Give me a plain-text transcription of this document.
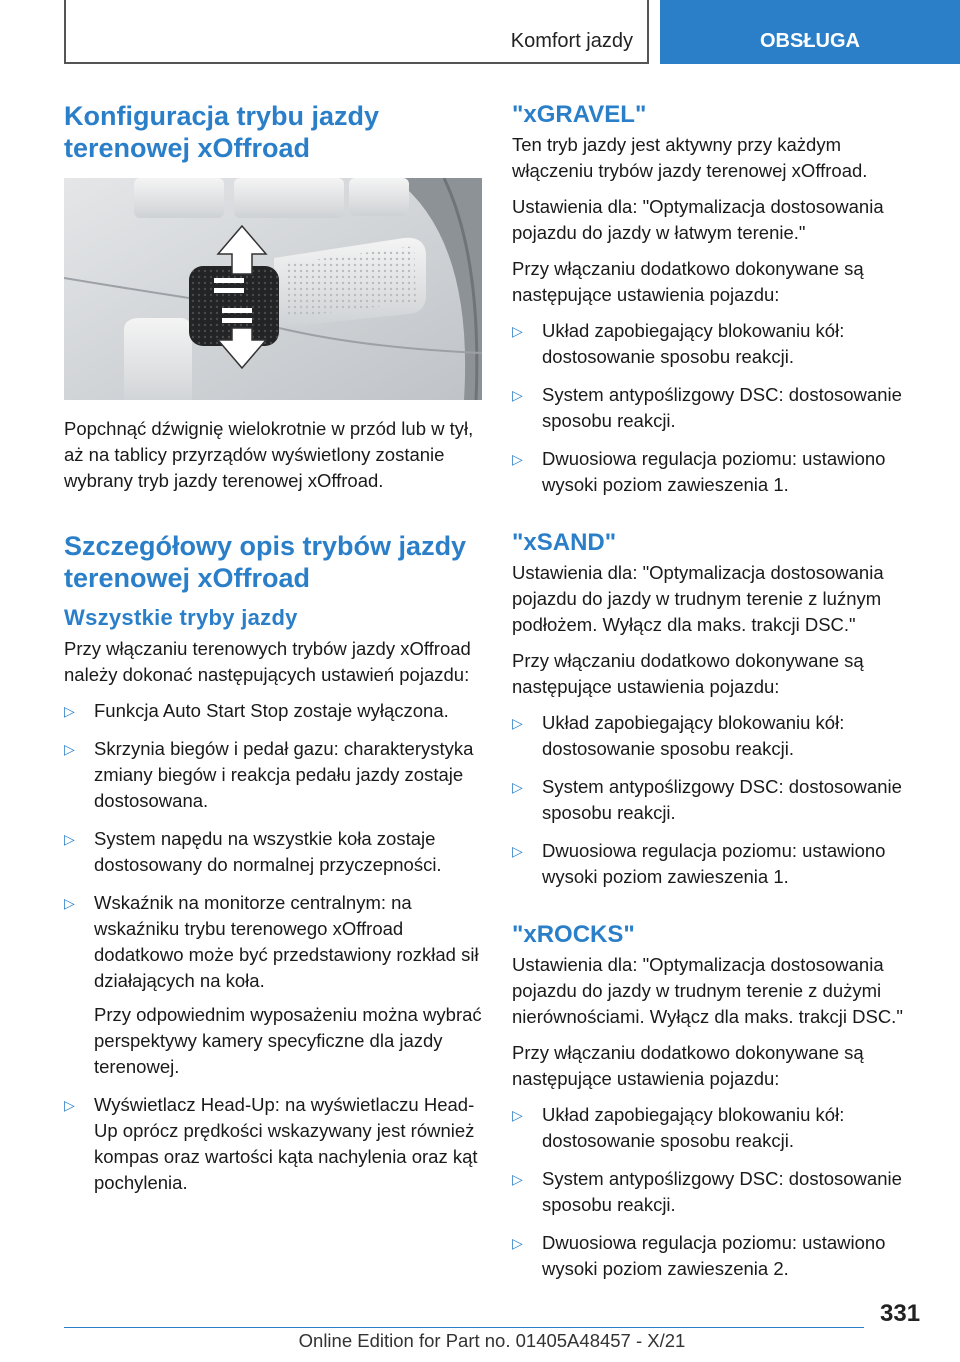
Komfort jazdy	OBSŁUGA
Konfiguracja trybu jazdy terenowej xOffroad

Popchnąć dźwignię wielokrotnie w przód lub w tył, aż na tablicy przyrządów wyświetlony zostanie wybrany tryb jazdy terenowej xOffroad.

Szczegółowy opis trybów jazdy terenowej xOffroad
Wszystkie tryby jazdy

Przy włączaniu terenowych trybów jazdy xOffroad należy dokonać następujących ustawień pojazdu:

▷ Funkcja Auto Start Stop zostaje wyłączona.
▷ Skrzynia biegów i pedał gazu: charakterystyka zmiany biegów i reakcja pedału jazdy zostaje dostosowana.
▷ System napędu na wszystkie koła zostaje dostosowany do normalnej przyczepności.
▷ Wskaźnik na monitorze centralnym: na wskaźniku trybu terenowego xOffroad dodatkowo może być przedstawiony rozkład sił działających na koła.
Przy odpowiednim wyposażeniu można wybrać perspektywy kamery specyficzne dla jazdy terenowej.
▷ Wyświetlacz Head-Up: na wyświetlaczu Head-Up oprócz prędkości wskazywany jest również kompas oraz wartości kąta nachylenia oraz kąt pochylenia.
"xGRAVEL"

Ten tryb jazdy jest aktywny przy każdym włączeniu trybów jazdy terenowej xOffroad.

Ustawienia dla: "Optymalizacja dostosowania pojazdu do jazdy w łatwym terenie."

Przy włączaniu dodatkowo dokonywane są następujące ustawienia pojazdu:

▷ Układ zapobiegający blokowaniu kół: dostosowanie sposobu reakcji.
▷ System antypoślizgowy DSC: dostosowanie sposobu reakcji.
▷ Dwuosiowa regulacja poziomu: ustawiono wysoki poziom zawieszenia 1.
"xSAND"

Ustawienia dla: "Optymalizacja dostosowania pojazdu do jazdy w trudnym terenie z luźnym podłożem. Wyłącz dla maks. trakcji DSC."

Przy włączaniu dodatkowo dokonywane są następujące ustawienia pojazdu:

▷ Układ zapobiegający blokowaniu kół: dostosowanie sposobu reakcji.
▷ System antypoślizgowy DSC: dostosowanie sposobu reakcji.
▷ Dwuosiowa regulacja poziomu: ustawiono wysoki poziom zawieszenia 1.
"xROCKS"

Ustawienia dla: "Optymalizacja dostosowania pojazdu do jazdy w trudnym terenie z dużymi nierównościami. Wyłącz dla maks. trakcji DSC."

Przy włączaniu dodatkowo dokonywane są następujące ustawienia pojazdu:

▷ Układ zapobiegający blokowaniu kół: dostosowanie sposobu reakcji.
▷ System antypoślizgowy DSC: dostosowanie sposobu reakcji.
▷ Dwuosiowa regulacja poziomu: ustawiono wysoki poziom zawieszenia 2.
331
Online Edition for Part no. 01405A48457 - X/21
